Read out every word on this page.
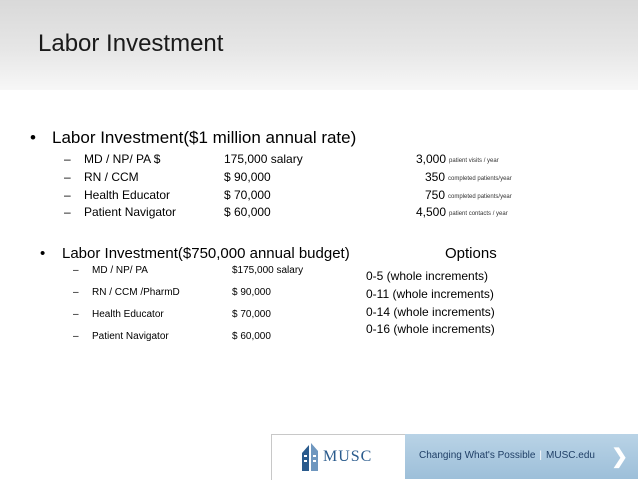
Labor Investment
• Labor Investment($1 million annual rate)
– MD / NP/ PA $	175,000 salary	3,000 patient visits / year
– RN / CCM	$ 90,000	350 completed patients/year
– Health Educator	$ 70,000	750 completed patients/year
– Patient Navigator	$ 60,000	4,500 patient contacts / year
• Labor Investment($750,000 annual budget)
– MD / NP/ PA	$175,000 salary
– RN / CCM /PharmD	$ 90,000
– Health Educator	$ 70,000
– Patient Navigator	$ 60,000
Options
0-5 (whole increments)
0-11 (whole increments)
0-14 (whole increments)
0-16 (whole increments)
MUSC	Changing What's Possible | MUSC.edu ❯
